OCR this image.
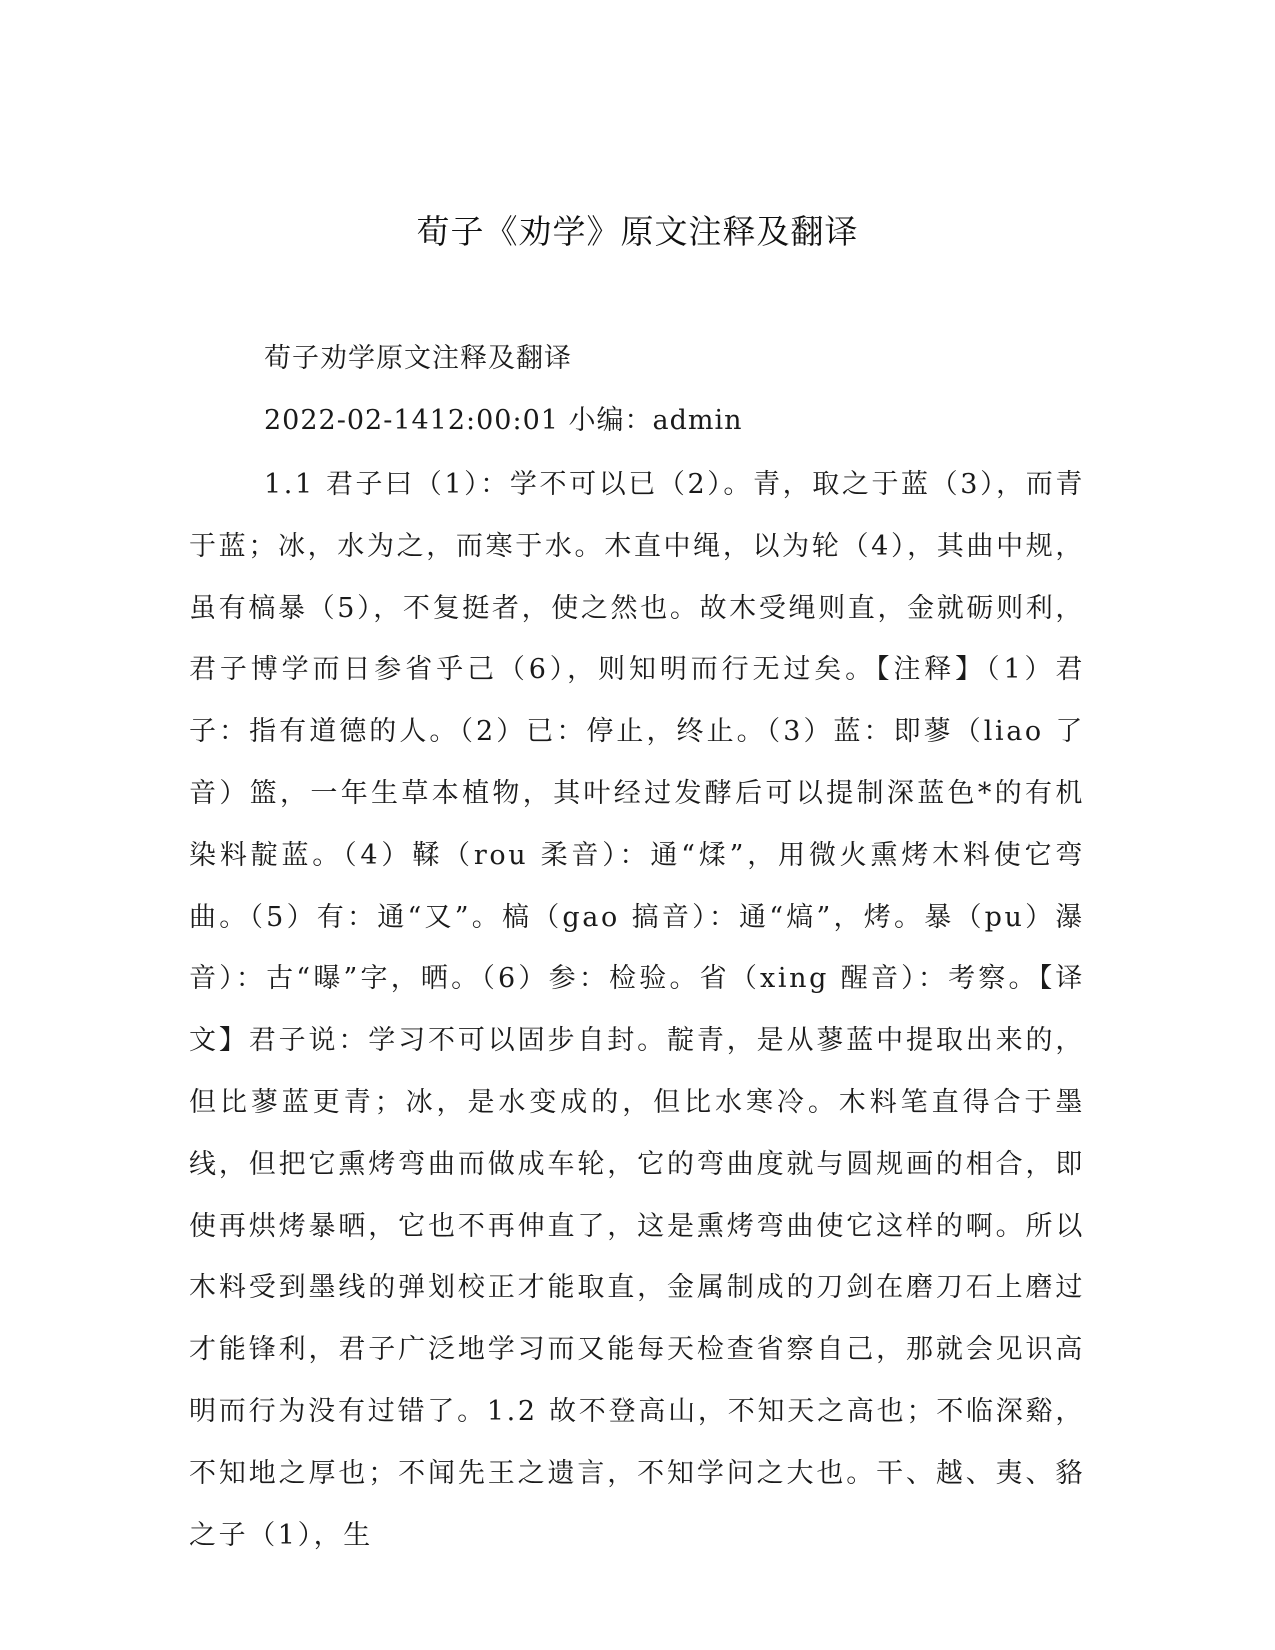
荀子《劝学》原文注释及翻译

荀子劝学原文注释及翻译

2022-02-1412:00:01 小编：admin

1.1 君子曰（1）：学不可以已（2）。青，取之于蓝（3），而青于蓝；冰，水为之，而寒于水。木直中绳，以为轮（4），其曲中规，虽有槁暴（5），不复挺者，使之然也。故木受绳则直，金就砺则利，君子博学而日参省乎己（6），则知明而行无过矣。【注释】（1）君子：指有道德的人。（2）已：停止，终止。（3）蓝：即蓼（liao 了音）篮，一年生草本植物，其叶经过发酵后可以提制深蓝色*的有机染料靛蓝。（4）鞣（rou 柔音）：通“煣”，用微火熏烤木料使它弯曲。（5）有：通“又”。槁（gao 搞音）：通“熇”，烤。暴（pu）瀑音）：古“曝”字，晒。（6）参：检验。省（xing 醒音）：考察。【译文】君子说：学习不可以固步自封。靛青，是从蓼蓝中提取出来的，但比蓼蓝更青；冰，是水变成的，但比水寒冷。木料笔直得合于墨线，但把它熏烤弯曲而做成车轮，它的弯曲度就与圆规画的相合，即使再烘烤暴晒，它也不再伸直了，这是熏烤弯曲使它这样的啊。所以木料受到墨线的弹划校正才能取直，金属制成的刀剑在磨刀石上磨过才能锋利，君子广泛地学习而又能每天检查省察自己，那就会见识高明而行为没有过错了。1.2 故不登高山，不知天之高也；不临深谿，不知地之厚也；不闻先王之遗言，不知学问之大也。干、越、夷、貉之子（1），生
